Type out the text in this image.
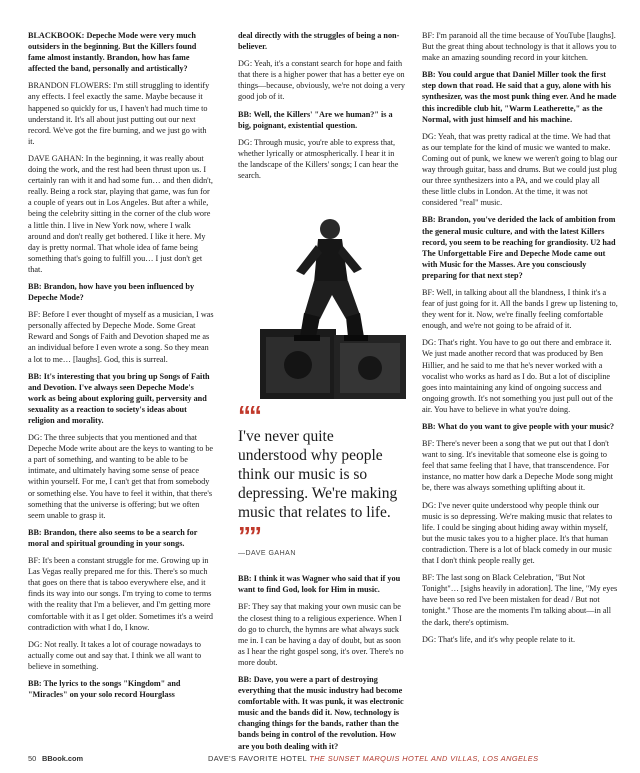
BLACKBOOK: Depeche Mode were very much outsiders in the beginning. But the Killers found fame almost instantly. Brandon, how has fame affected the band, personally and artistically?

BRANDON FLOWERS: I'm still struggling to identify any effects. I feel exactly the same. Maybe because it happened so quickly for us, I haven't had much time to understand it. It's all about just putting out our next record. We've got the fire burning, and we just go with it.

DAVE GAHAN: In the beginning, it was really about doing the work, and the rest had been thrust upon us. I certainly ran with it and had some fun… and then didn't, really. Being a rock star, playing that game, was fun for a couple of years out in Los Angeles. But after a while, being the celebrity sitting in the corner of the club wore a little thin. I live in New York now, where I walk around and don't really get bothered. I like it here. My day is pretty normal. That whole idea of fame being something that's going to fulfill you… I just don't get that.

BB: Brandon, how have you been influenced by Depeche Mode?

BF: Before I ever thought of myself as a musician, I was personally affected by Depeche Mode. Some Great Reward and Songs of Faith and Devotion shaped me as an individual before I even wrote a song. So they mean a lot to me… [laughs]. God, this is surreal.

BB: It's interesting that you bring up Songs of Faith and Devotion. I've always seen Depeche Mode's work as being about exploring guilt, perversity and sexuality as a reaction to society's ideas about religion and morality.

DG: The three subjects that you mentioned and that Depeche Mode write about are the keys to wanting to be a part of something, and wanting to be able to be intimate, and ultimately having some sense of peace within yourself. For me, I can't get that from somebody or something else. You have to feel it within, that there's something that the universe is offering; but we often seem unable to grasp it.

BB: Brandon, there also seems to be a search for moral and spiritual grounding in your songs.

BF: It's been a constant struggle for me. Growing up in Las Vegas really prepared me for this. There's so much that goes on there that is taboo everywhere else, and it finds its way into our songs. I'm trying to come to terms with the reality that I'm a believer, and I'm getting more comfortable with it as I get older. Sometimes it's a weird contradiction with what I do, I know.

DG: Not really. It takes a lot of courage nowadays to actually come out and say that. I think we all want to believe in something.

BB: The lyrics to the songs "Kingdom" and "Miracles" on your solo record Hourglass

deal directly with the struggles of being a non-believer.

DG: Yeah, it's a constant search for hope and faith that there is a higher power that has a better eye on things—because, obviously, we're not doing a very good job of it.

BB: Well, the Killers' "Are we human?" is a big, poignant, existential question.

DG: Through music, you're able to express that, whether lyrically or atmospherically. I hear it in the landscape of the Killers' songs; I can hear the search.

““
I've never quite understood why people think our music is so depressing. We're making music that relates to life.
””
—DAVE GAHAN

BB: I think it was Wagner who said that if you want to find God, look for Him in music.

BF: They say that making your own music can be the closest thing to a religious experience. When I do go to church, the hymns are what always suck me in. I can be having a day of doubt, but as soon as I hear the right gospel song, it's over. There's no more doubt.

BB: Dave, you were a part of destroying everything that the music industry had become comfortable with. It was punk, it was electronic music and the bands did it. Now, technology is changing things for the bands, rather than the bands being in control of the revolution. How are you both dealing with it?

BF: I'm paranoid all the time because of YouTube [laughs]. But the great thing about technology is that it allows you to make an amazing sounding record in your kitchen.

BB: You could argue that Daniel Miller took the first step down that road. He said that a guy, alone with his synthesizer, was the most punk thing ever. And he made this incredible club hit, "Warm Leatherette," as the Normal, with just himself and his machine.

DG: Yeah, that was pretty radical at the time. We had that as our template for the kind of music we wanted to make. Coming out of punk, we knew we weren't going to blag our way through guitar, bass and drums. But we could just plug our three synthesizers into a PA, and we could play all these little clubs in London. At the time, it was not considered "real" music.

BB: Brandon, you've derided the lack of ambition from the general music culture, and with the latest Killers record, you seem to be reaching for grandiosity. U2 had The Unforgettable Fire and Depeche Mode came out with Music for the Masses. Are you consciously preparing for that next step?

BF: Well, in talking about all the blandness, I think it's a fear of just going for it. All the bands I grew up listening to, they went for it. Now, we're finally feeling comfortable enough, and we're not going to be afraid of it.

DG: That's right. You have to go out there and embrace it. We just made another record that was produced by Ben Hillier, and he said to me that he's never worked with a vocalist who works as hard as I do. But a lot of discipline goes into maintaining any kind of ongoing success and ongoing growth. It's not something you just pull out of the air. You have to believe in what you're doing.

BB: What do you want to give people with your music?

BF: There's never been a song that we put out that I don't want to sing. It's inevitable that someone else is going to feel that same feeling that I have, that transcendence. For instance, no matter how dark a Depeche Mode song might be, there was always something uplifting about it.

DG: I've never quite understood why people think our music is so depressing. We're making music that relates to life. I could be singing about hiding away within myself, but the music takes you to a higher place. It's that human contradiction. There is a lot of black comedy in our music that I don't think people really get.

BF: The last song on Black Celebration, "But Not Tonight"… [sighs heavily in adoration]. The line, "My eyes have been so red I've been mistaken for dead / But not tonight." Those are the moments I'm talking about—in all the dark, there's optimism.

DG: That's life, and it's why people relate to it.

50 BBook.com	DAVE'S FAVORITE HOTEL THE SUNSET MARQUIS HOTEL AND VILLAS, LOS ANGELES
